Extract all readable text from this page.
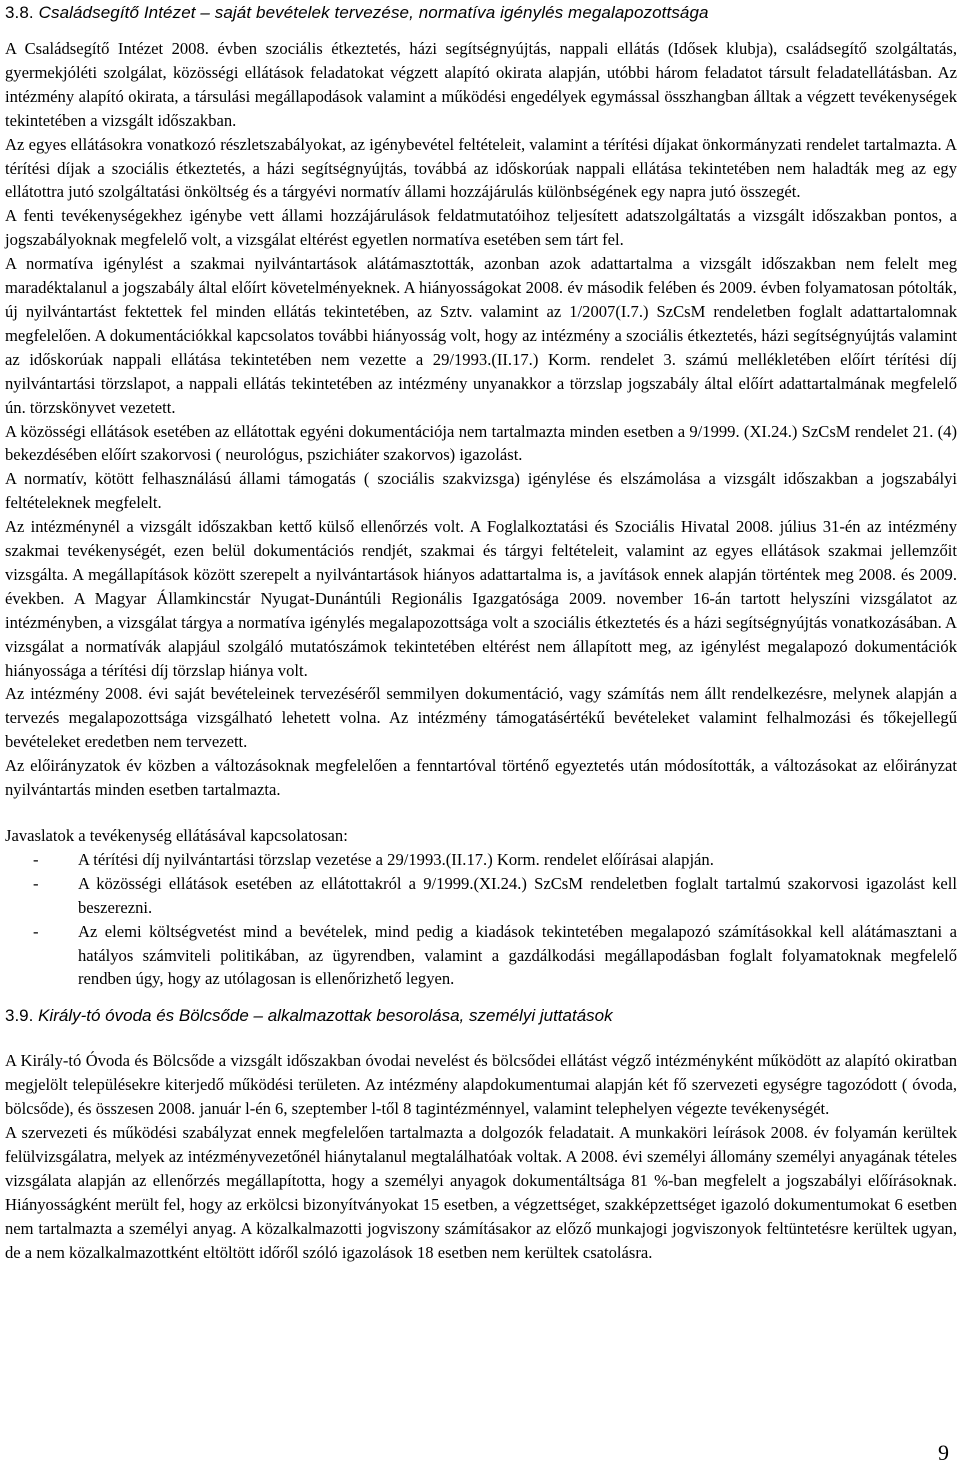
3.8. Családsegítő Intézet – saját bevételek tervezése, normatíva igénylés megalapozottsága

A Családsegítő Intézet 2008. évben szociális étkeztetés, házi segítségnyújtás, nappali ellátás (Idősek klubja), családsegítő szolgáltatás, gyermekjóléti szolgálat, közösségi ellátások feladatokat végzett alapító okirata alapján, utóbbi három feladatot társult feladatellátásban. Az intézmény alapító okirata, a társulási megállapodások valamint a működési engedélyek egymással összhangban álltak a végzett tevékenységek tekintetében a vizsgált időszakban.

Az egyes ellátásokra vonatkozó részletszabályokat, az igénybevétel feltételeit, valamint a térítési díjakat önkormányzati rendelet tartalmazta. A térítési díjak a szociális étkeztetés, a házi segítségnyújtás, továbbá az időskorúak nappali ellátása tekintetében nem haladták meg az egy ellátottra jutó szolgáltatási önköltség és a tárgyévi normatív állami hozzájárulás különbségének egy napra jutó összegét.

A fenti tevékenységekhez igénybe vett állami hozzájárulások feldatmutatóihoz teljesített adatszolgáltatás a vizsgált időszakban pontos, a jogszabályoknak megfelelő volt, a vizsgálat eltérést egyetlen normatíva esetében sem tárt fel.

A normatíva igénylést a szakmai nyilvántartások alátámasztották, azonban azok adattartalma a vizsgált időszakban nem felelt meg maradéktalanul a jogszabály által előírt követelményeknek. A hiányosságokat 2008. év második felében és 2009. évben folyamatosan pótolták, új nyilvántartást fektettek fel minden ellátás tekintetében, az Sztv. valamint az 1/2007(I.7.) SzCsM rendeletben foglalt adattartalomnak megfelelően. A dokumentációkkal kapcsolatos további hiányosság volt, hogy az intézmény a szociális étkeztetés, házi segítségnyújtás valamint az időskorúak nappali ellátása tekintetében nem vezette a 29/1993.(II.17.) Korm. rendelet 3. számú mellékletében előírt térítési díj nyilvántartási törzslapot, a nappali ellátás tekintetében az intézmény unyanakkor a törzslap jogszabály által előírt adattartalmának megfelelő ún. törzskönyvet vezetett.

A közösségi ellátások esetében az ellátottak egyéni dokumentációja nem tartalmazta minden esetben a 9/1999. (XI.24.) SzCsM rendelet 21. (4) bekezdésében előírt szakorvosi ( neurológus, pszichiáter szakorvos) igazolást.

A normatív, kötött felhasználású állami támogatás ( szociális szakvizsga) igénylése és elszámolása a vizsgált időszakban a jogszabályi feltételeknek megfelelt.

Az intézménynél a vizsgált időszakban kettő külső ellenőrzés volt. A Foglalkoztatási és Szociális Hivatal 2008. július 31-én az intézmény szakmai tevékenységét, ezen belül dokumentációs rendjét, szakmai és tárgyi feltételeit, valamint az egyes ellátások szakmai jellemzőit vizsgálta. A megállapítások között szerepelt a nyilvántartások hiányos adattartalma is, a javítások ennek alapján történtek meg 2008. és 2009. években. A Magyar Államkincstár Nyugat-Dunántúli Regionális Igazgatósága 2009. november 16-án tartott helyszíni vizsgálatot az intézményben, a vizsgálat tárgya a normatíva igénylés megalapozottsága volt a szociális étkeztetés és a házi segítségnyújtás vonatkozásában. A vizsgálat a normatívák alapjául szolgáló mutatószámok tekintetében eltérést nem állapított meg, az igénylést megalapozó dokumentációk hiányossága a térítési díj törzslap hiánya volt.

Az intézmény 2008. évi saját bevételeinek tervezéséről semmilyen dokumentáció, vagy számítás nem állt rendelkezésre, melynek alapján a tervezés megalapozottsága vizsgálható lehetett volna. Az intézmény támogatásértékű bevételeket valamint felhalmozási és tőkejellegű bevételeket eredetben nem tervezett.

Az előirányzatok év közben a változásoknak megfelelően a fenntartóval történő egyeztetés után módosították, a változásokat az előirányzat nyilvántartás minden esetben tartalmazta.

Javaslatok a tevékenység ellátásával kapcsolatosan:

- A térítési díj nyilvántartási törzslap vezetése a 29/1993.(II.17.) Korm. rendelet előírásai alapján.
- A közösségi ellátások esetében az ellátottakról a 9/1999.(XI.24.) SzCsM rendeletben foglalt tartalmú szakorvosi igazolást kell beszerezni.
- Az elemi költségvetést mind a bevételek, mind pedig a kiadások tekintetében megalapozó számításokkal kell alátámasztani a hatályos számviteli politikában, az ügyrendben, valamint a gazdálkodási megállapodásban foglalt folyamatoknak megfelelő rendben úgy, hogy az utólagosan is ellenőrizhető legyen.
3.9. Király-tó óvoda és Bölcsőde – alkalmazottak besorolása, személyi juttatások

A Király-tó Óvoda és Bölcsőde a vizsgált időszakban óvodai nevelést és bölcsődei ellátást végző intézményként működött az alapító okiratban megjelölt településekre kiterjedő működési területen. Az intézmény alapdokumentumai alapján két fő szervezeti egységre tagozódott ( óvoda, bölcsőde), és összesen 2008. január l-én 6, szeptember l-től 8 tagintézménnyel, valamint telephelyen végezte tevékenységét.

A szervezeti és működési szabályzat ennek megfelelően tartalmazta a dolgozók feladatait. A munkaköri leírások 2008. év folyamán kerültek felülvizsgálatra, melyek az intézményvezetőnél hiánytalanul megtalálhatóak voltak. A 2008. évi személyi állomány személyi anyagának tételes vizsgálata alapján az ellenőrzés megállapította, hogy a személyi anyagok dokumentáltsága 81 %-ban megfelelt a jogszabályi előírásoknak. Hiányosságként merült fel, hogy az erkölcsi bizonyítványokat 15 esetben, a végzettséget, szakképzettséget igazoló dokumentumokat 6 esetben nem tartalmazta a személyi anyag. A közalkalmazotti jogviszony számításakor az előző munkajogi jogviszonyok feltüntetésre kerültek ugyan, de a nem közalkalmazottként eltöltött időről szóló igazolások 18 esetben nem kerültek csatolásra.

9
